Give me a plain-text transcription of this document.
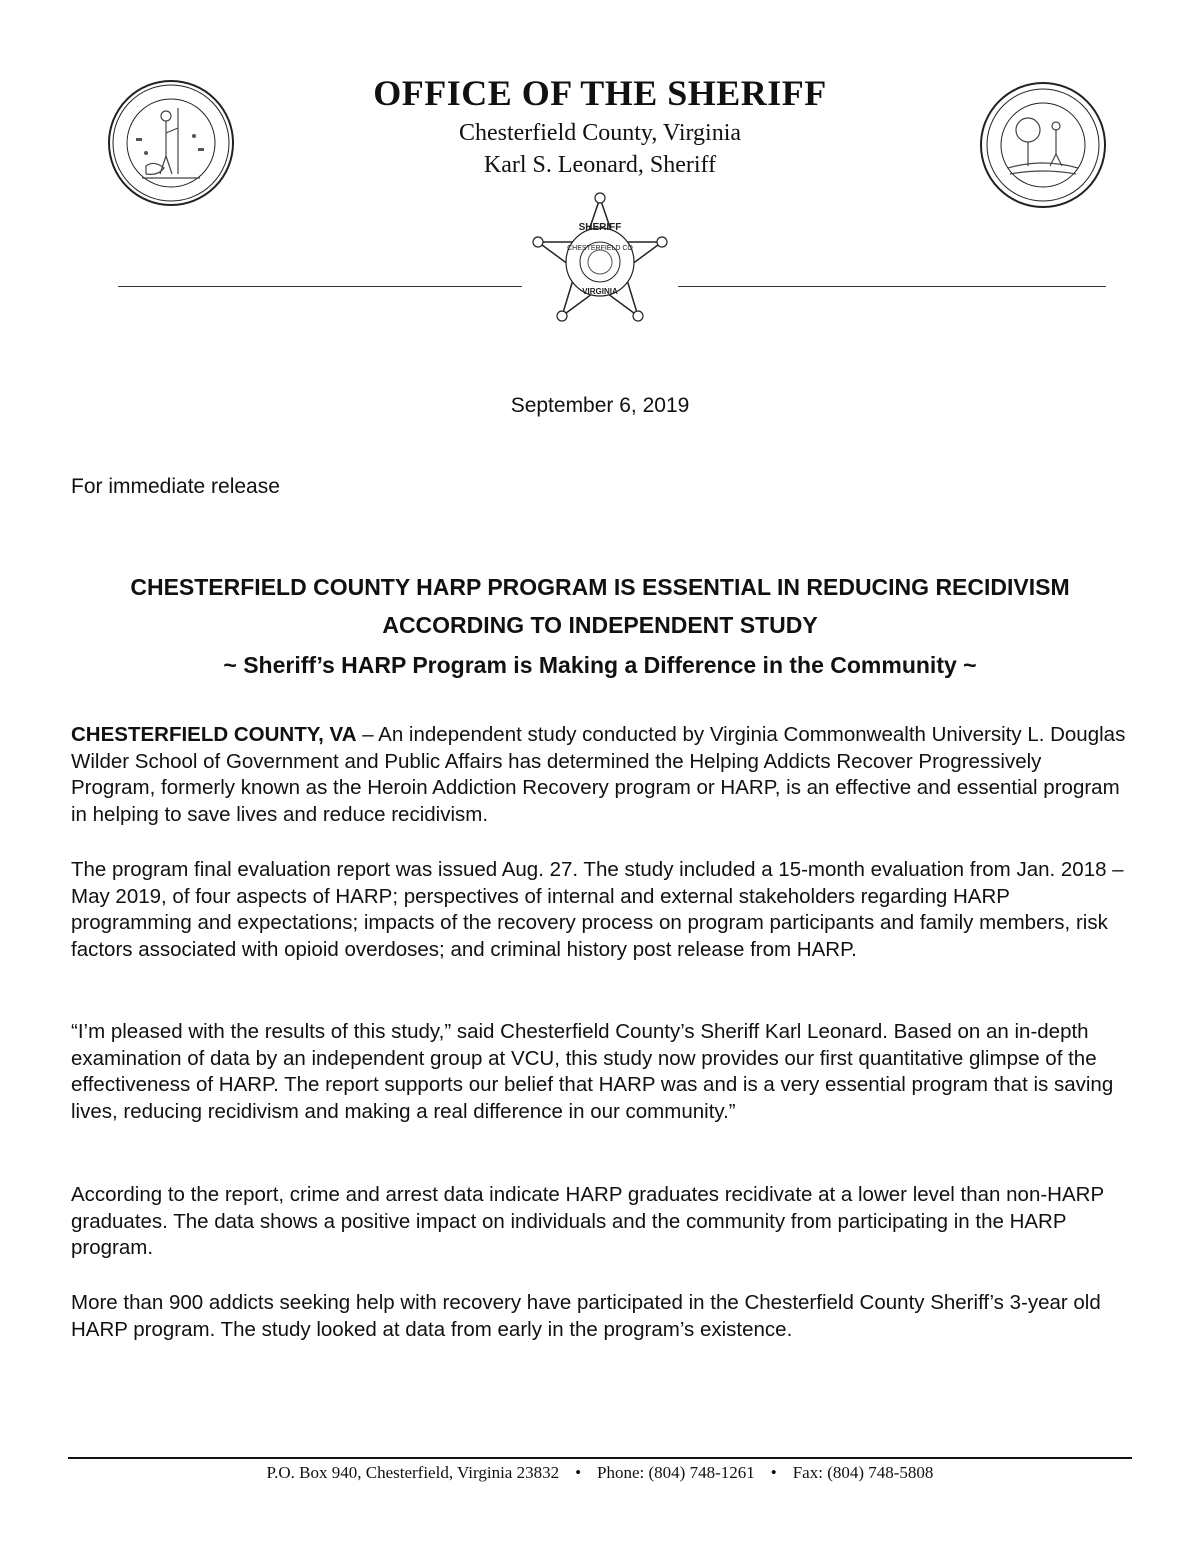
OFFICE OF THE SHERIFF
Chesterfield County, Virginia
Karl S. Leonard, Sheriff
SHERIFF
CHESTERFIELD CO
VIRGINIA
September 6, 2019
For immediate release
CHESTERFIELD COUNTY HARP PROGRAM IS ESSENTIAL IN REDUCING RECIDIVISM
ACCORDING TO INDEPENDENT STUDY
~ Sheriff’s HARP Program is Making a Difference in the Community ~
CHESTERFIELD COUNTY, VA – An independent study conducted by Virginia Commonwealth University L. Douglas Wilder School of Government and Public Affairs has determined the Helping Addicts Recover Progressively Program, formerly known as the Heroin Addiction Recovery program or HARP, is an effective and essential program in helping to save lives and reduce recidivism.
The program final evaluation report was issued Aug. 27. The study included a 15-month evaluation from Jan. 2018 – May 2019, of four aspects of HARP; perspectives of internal and external stakeholders regarding HARP programming and expectations; impacts of the recovery process on program participants and family members, risk factors associated with opioid overdoses; and criminal history post release from HARP.
“I’m pleased with the results of this study,” said Chesterfield County’s Sheriff Karl Leonard. Based on an in-depth examination of data by an independent group at VCU, this study now provides our first quantitative glimpse of the effectiveness of HARP. The report supports our belief that HARP was and is a very essential program that is saving lives, reducing recidivism and making a real difference in our community.”
According to the report, crime and arrest data indicate HARP graduates recidivate at a lower level than non-HARP graduates. The data shows a positive impact on individuals and the community from participating in the HARP program.
More than 900 addicts seeking help with recovery have participated in the Chesterfield County Sheriff’s 3-year old HARP program. The study looked at data from early in the program’s existence.
P.O. Box 940, Chesterfield, Virginia 23832 • Phone: (804) 748-1261 • Fax: (804) 748-5808
